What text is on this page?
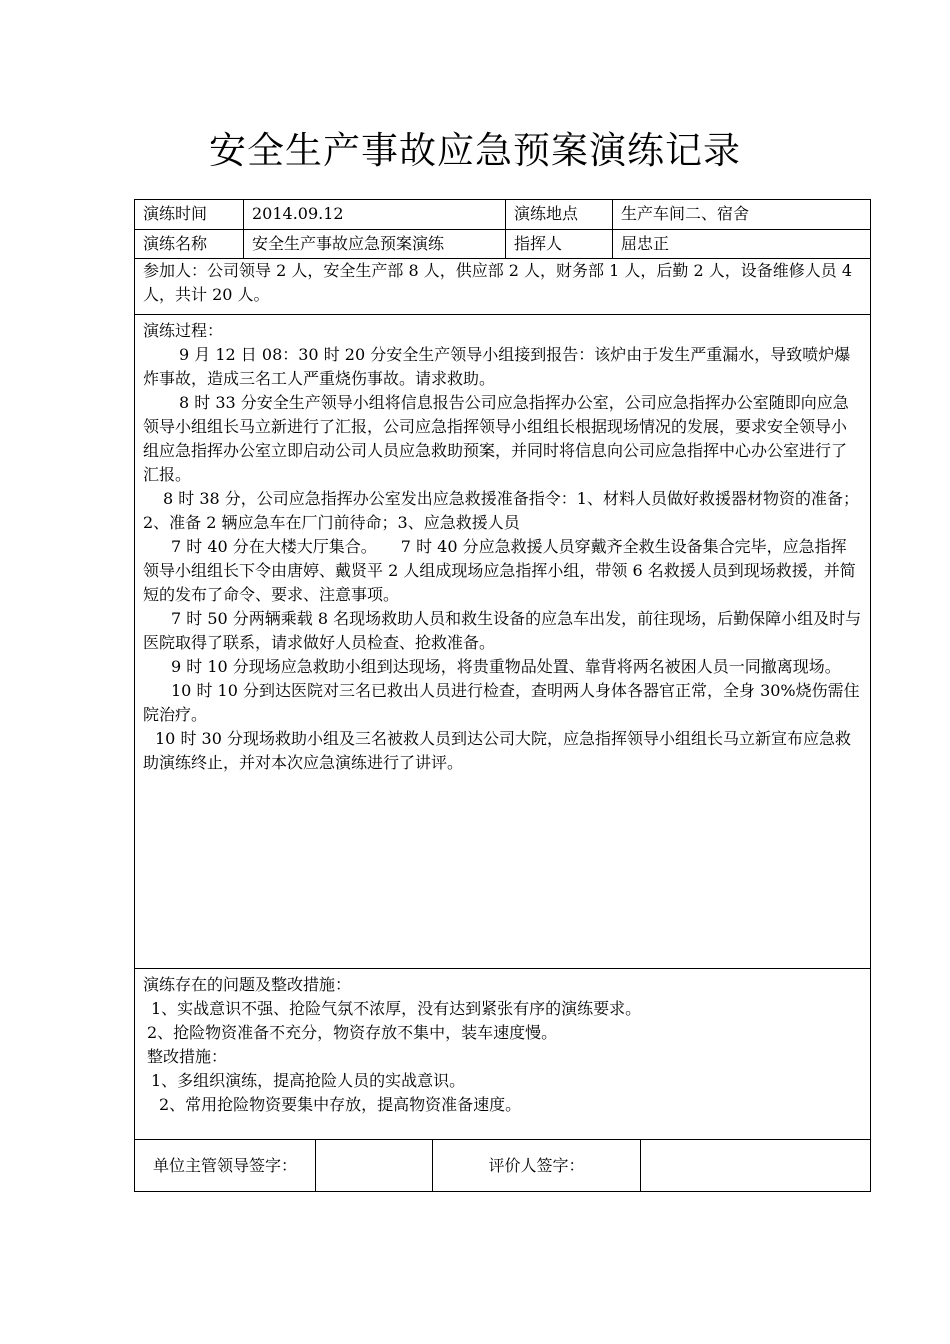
安全生产事故应急预案演练记录
演练时间	2014.09.12	演练地点	生产车间二、宿舍
演练名称	安全生产事故应急预案演练	指挥人	屈忠正
参加人：公司领导 2 人，安全生产部 8 人，供应部 2 人，财务部 1 人，后勤 2 人，设备维修人员 4 人，共计 20 人。

演练过程：

9 月 12 日 08：30 时 20 分安全生产领导小组接到报告：该炉由于发生严重漏水，导致喷炉爆炸事故，造成三名工人严重烧伤事故。请求救助。

8 时 33 分安全生产领导小组将信息报告公司应急指挥办公室，公司应急指挥办公室随即向应急领导小组组长马立新进行了汇报，公司应急指挥领导小组组长根据现场情况的发展，要求安全领导小组应急指挥办公室立即启动公司人员应急救助预案，并同时将信息向公司应急指挥中心办公室进行了汇报。

8 时 38 分，公司应急指挥办公室发出应急救援准备指令：1、材料人员做好救援器材物资的准备；2、准备 2 辆应急车在厂门前待命；3、应急救援人员

7 时 40 分在大楼大厅集合。　　7 时 40 分应急救援人员穿戴齐全救生设备集合完毕，应急指挥领导小组组长下令由唐婷、戴贤平 2 人组成现场应急指挥小组，带领 6 名救援人员到现场救援，并简短的发布了命令、要求、注意事项。

7 时 50 分两辆乘载 8 名现场救助人员和救生设备的应急车出发，前往现场，后勤保障小组及时与医院取得了联系，请求做好人员检查、抢救准备。

9 时 10 分现场应急救助小组到达现场，将贵重物品处置、靠背将两名被困人员一同撤离现场。

10 时 10 分到达医院对三名已救出人员进行检查，查明两人身体各器官正常，全身 30%烧伤需住院治疗。

10 时 30 分现场救助小组及三名被救人员到达公司大院，应急指挥领导小组组长马立新宣布应急救助演练终止，并对本次应急演练进行了讲评。

演练存在的问题及整改措施：

1、实战意识不强、抢险气氛不浓厚，没有达到紧张有序的演练要求。

2、抢险物资准备不充分，物资存放不集中，装车速度慢。

整改措施：

1、多组织演练，提高抢险人员的实战意识。

2、常用抢险物资要集中存放，提高物资准备速度。

单位主管领导签字：	评价人签字：
